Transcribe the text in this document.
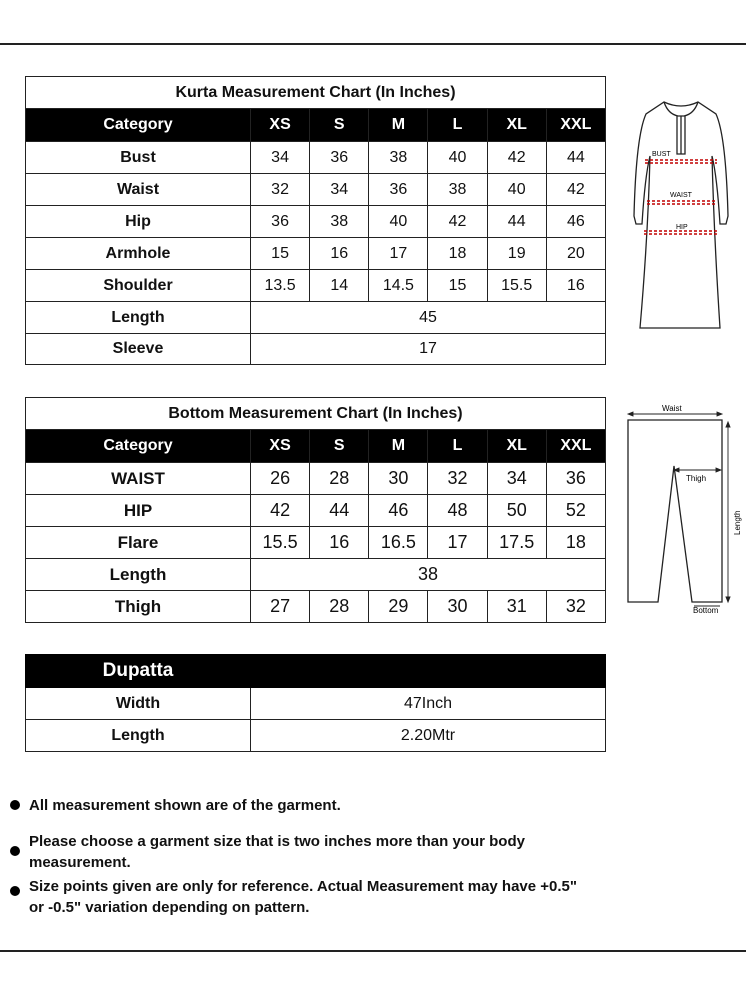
Kurta Measurement Chart (In Inches)						
Category	XS	S	M	L	XL	XXL
Bust	34	36	38	40	42	44
Waist	32	34	36	38	40	42
Hip	36	38	40	42	44	46
Armhole	15	16	17	18	19	20
Shoulder	13.5	14	14.5	15	15.5	16
Length	45					
Sleeve	17					
BUST
WAIST
HIP
Bottom Measurement Chart (In Inches)						
Category	XS	S	M	L	XL	XXL
WAIST	26	28	30	32	34	36
HIP	42	44	46	48	50	52
Flare	15.5	16	16.5	17	17.5	18
Length	38					
Thigh	27	28	29	30	31	32
Waist
Thigh
Length
Bottom
Dupatta	
Width	47Inch
Length	2.20Mtr
All measurement shown are of the garment.
Please choose a garment size that is two inches more than your body measurement.
Size points given are only for reference. Actual Measurement may have +0.5" or -0.5" variation depending on pattern.
